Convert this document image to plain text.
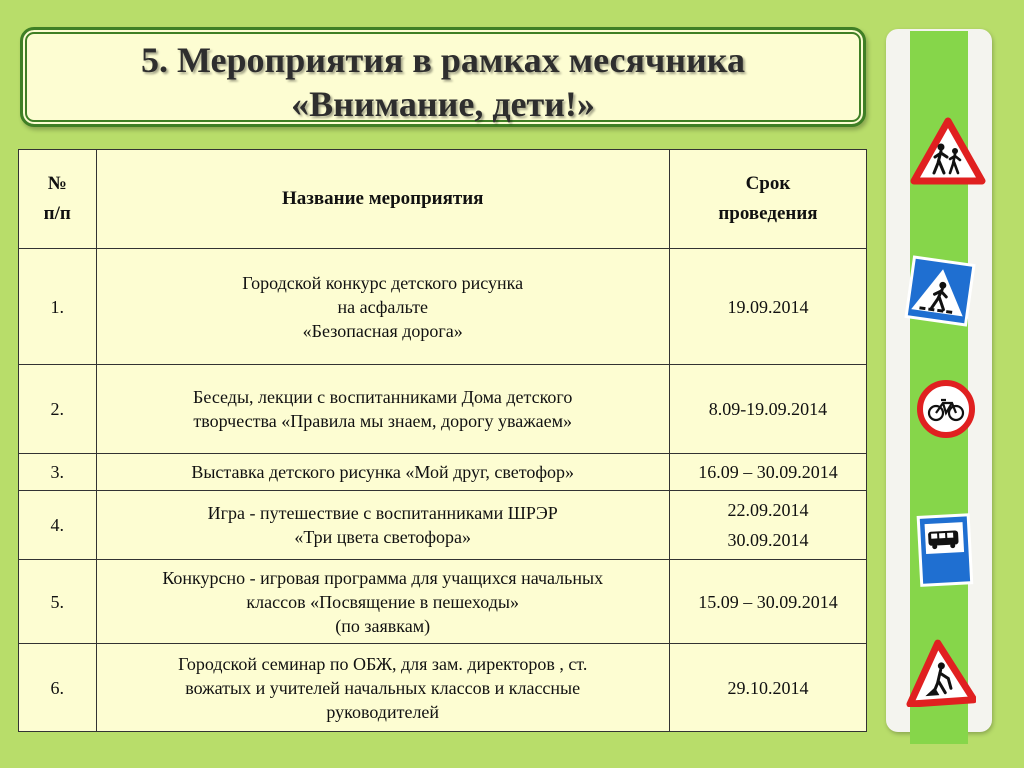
5. Мероприятия в рамках месячника
«Внимание, дети!»
№
п/п	Название мероприятия	Срок
проведения

1.	Городской конкурс детского рисунка
на асфальте
«Безопасная дорога»	19.09.2014

2.	Беседы, лекции с воспитанниками Дома детского
творчества «Правила мы знаем, дорогу уважаем»	8.09-19.09.2014

3.	Выставка детского рисунка «Мой друг, светофор»	16.09 – 30.09.2014

4.	Игра - путешествие с воспитанниками ШРЭР
«Три цвета светофора»	22.09.2014
30.09.2014

5.	Конкурсно - игровая программа для учащихся начальных
классов «Посвящение в пешеходы»
(по заявкам)	15.09 – 30.09.2014

6.	Городской семинар по ОБЖ, для зам. директоров , ст.
вожатых и учителей начальных классов и классные
руководителей	29.10.2014
